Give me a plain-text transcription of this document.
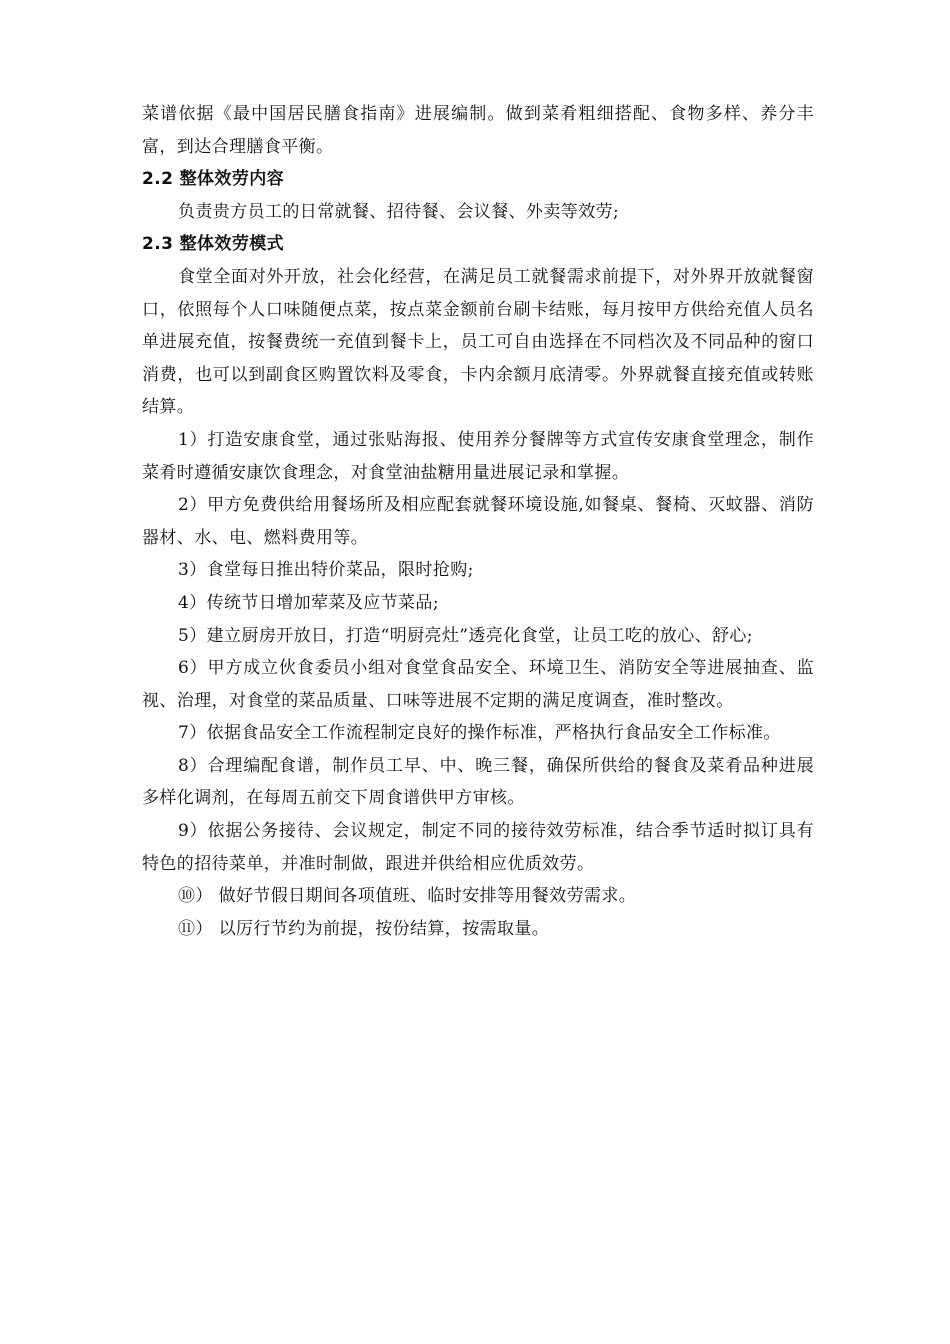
菜谱依据《最中国居民膳食指南》进展编制。做到菜肴粗细搭配、食物多样、养分丰富，到达合理膳食平衡。

2.2 整体效劳内容

负责贵方员工的日常就餐、招待餐、会议餐、外卖等效劳;

2.3 整体效劳模式

食堂全面对外开放，社会化经营，在满足员工就餐需求前提下，对外界开放就餐窗口，依照每个人口味随便点菜，按点菜金额前台刷卡结账，每月按甲方供给充值人员名单进展充值，按餐费统一充值到餐卡上，员工可自由选择在不同档次及不同品种的窗口消费，也可以到副食区购置饮料及零食，卡内余额月底清零。外界就餐直接充值或转账结算。

1）打造安康食堂，通过张贴海报、使用养分餐牌等方式宣传安康食堂理念，制作菜肴时遵循安康饮食理念，对食堂油盐糖用量进展记录和掌握。

2）甲方免费供给用餐场所及相应配套就餐环境设施,如餐桌、餐椅、灭蚊器、消防器材、水、电、燃料费用等。

3）食堂每日推出特价菜品，限时抢购;

4）传统节日增加荤菜及应节菜品;

5）建立厨房开放日，打造“明厨亮灶”透亮化食堂，让员工吃的放心、舒心;

6）甲方成立伙食委员小组对食堂食品安全、环境卫生、消防安全等进展抽查、监视、治理，对食堂的菜品质量、口味等进展不定期的满足度调查，准时整改。

7）依据食品安全工作流程制定良好的操作标准，严格执行食品安全工作标准。

8）合理编配食谱，制作员工早、中、晚三餐，确保所供给的餐食及菜肴品种进展多样化调剂，在每周五前交下周食谱供甲方审核。

9）依据公务接待、会议规定，制定不同的接待效劳标准，结合季节适时拟订具有特色的招待菜单，并准时制做，跟进并供给相应优质效劳。

⑩） 做好节假日期间各项值班、临时安排等用餐效劳需求。

⑪） 以厉行节约为前提，按份结算，按需取量。
